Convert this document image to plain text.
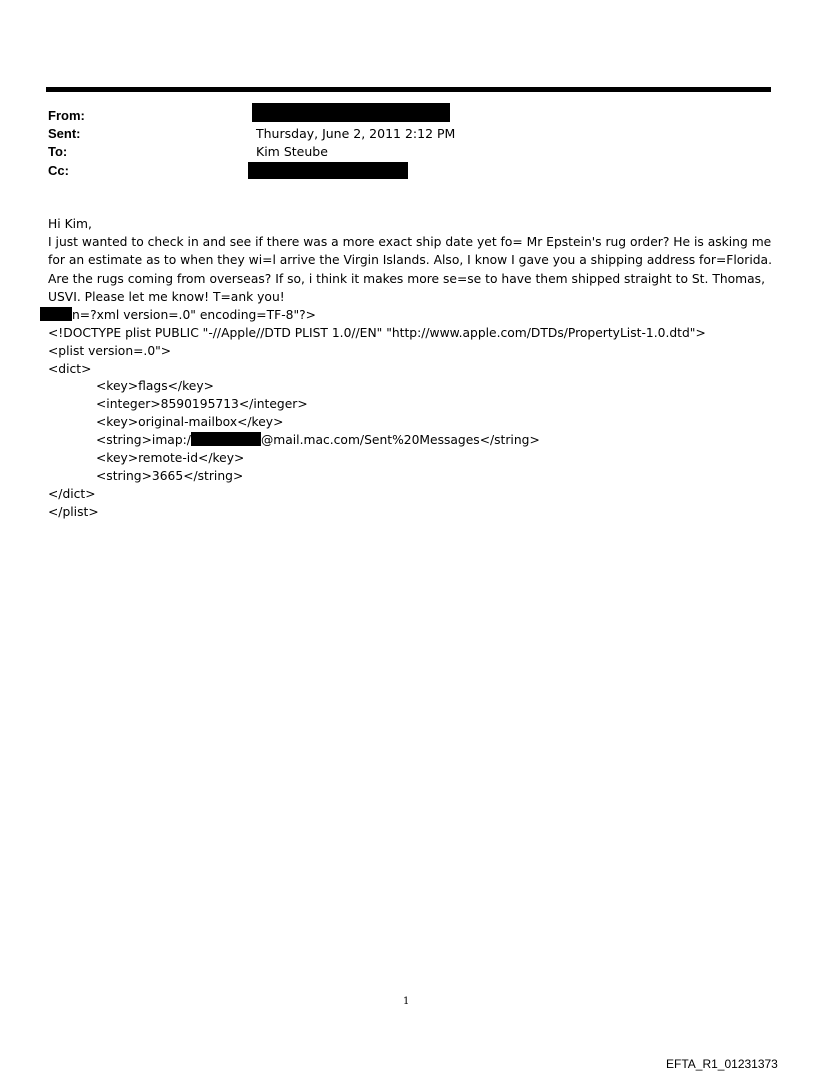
From:
Sent:	Thursday, June 2, 2011 2:12 PM
To:	Kim Steube
Cc:

Hi Kim,

I just wanted to check in and see if there was a more exact ship date yet fo= Mr Epstein's rug order? He is asking me for an estimate as to when they wi=l arrive the Virgin Islands. Also, I know I gave you a shipping address for=Florida. Are the rugs coming from overseas? If so, i think it makes more se=se to have them shipped straight to St. Thomas, USVI. Please let me know! T=ank you!

n=?xml version=.0" encoding=TF-8"?>
<!DOCTYPE plist PUBLIC "-//Apple//DTD PLIST 1.0//EN" "http://www.apple.com/DTDs/PropertyList-1.0.dtd">
<plist version=.0">
<dict>
<key>flags</key>
<integer>8590195713</integer>
<key>original-mailbox</key>
<string>imap:/	@mail.mac.com/Sent%20Messages</string>
<key>remote-id</key>
<string>3665</string>
</dict>
</plist>
1
EFTA_R1_01231373
